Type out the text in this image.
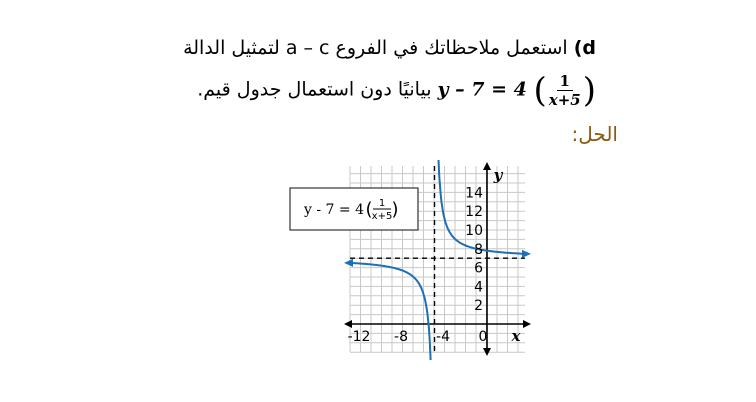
d) استعمل ملاحظاتك في الفروع a – c لتمثيل الدالة
y – 7 = 4 ( $\frac{1}{x+5}$ ) بيانيًا دون استعمال جدول قيم.
الحل:
-12 -8 -4 0
14
12
10
8
6
4
2
x
y
y - 7 = 4 ( 1
x+5 )
